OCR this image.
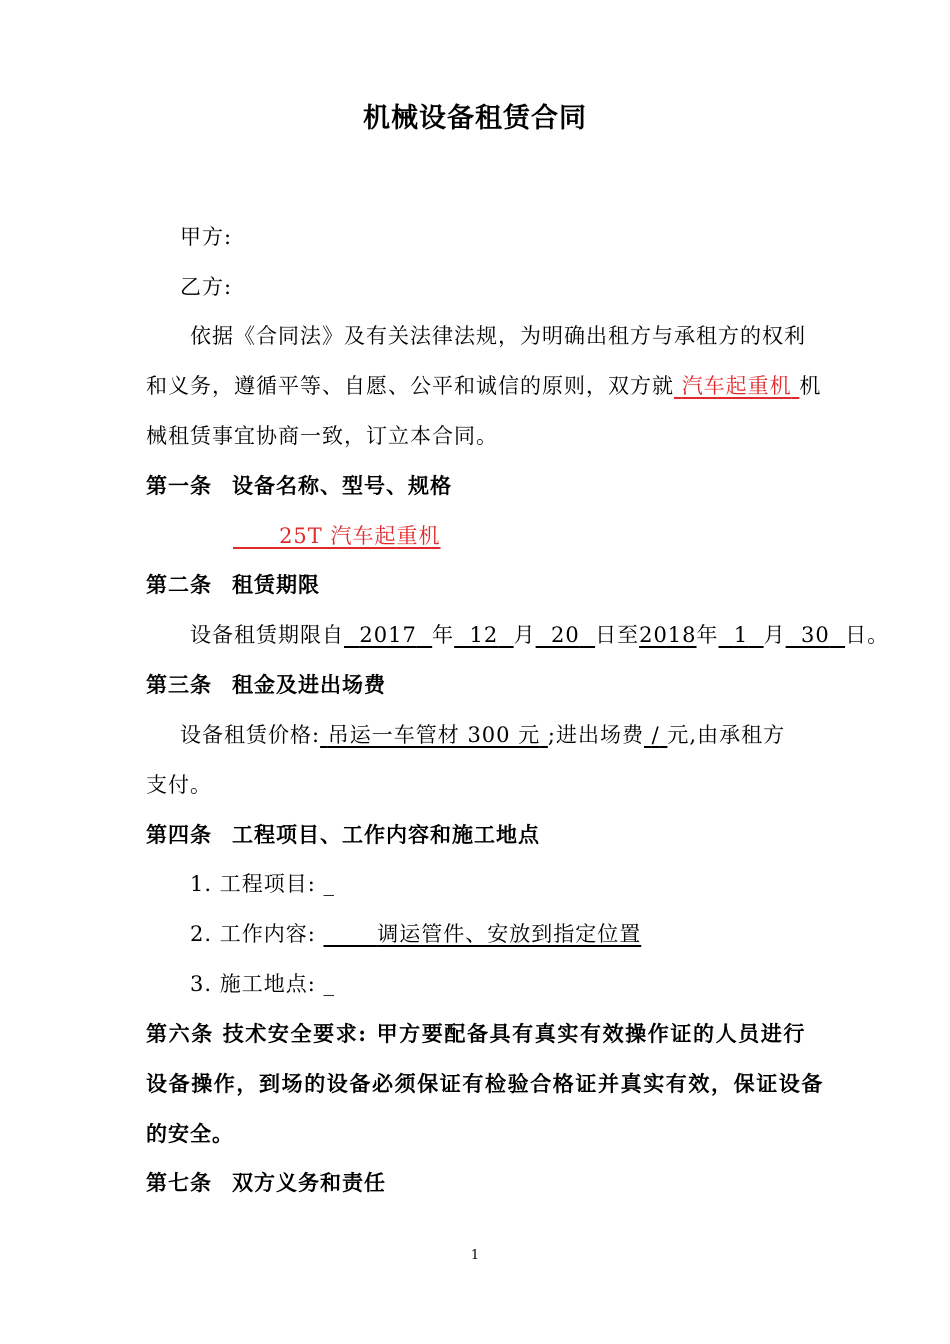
机械设备租赁合同
甲方:
乙方:
依据《合同法》及有关法律法规，为明确出租方与承租方的权利
和义务，遵循平等、自愿、公平和诚信的原则，双方就 汽车起重机 机
械租赁事宜协商一致，订立本合同。
第一条 设备名称、型号、规格
25T 汽车起重机
第二条 租赁期限
设备租赁期限自 2017 年 12 月 20 日至2018年 1 月 30 日。
第三条 租金及进出场费
设备租赁价格: 吊运一车管材 300 元 ;进出场费 / 元,由承租方
支付。
第四条 工程项目、工作内容和施工地点
1. 工程项目: _
2. 工作内容:	调运管件、安放到指定位置
3. 施工地点: _
第六条 技术安全要求: 甲方要配备具有真实有效操作证的人员进行
设备操作，到场的设备必须保证有检验合格证并真实有效，保证设备
的安全。
第七条 双方义务和责任
1
